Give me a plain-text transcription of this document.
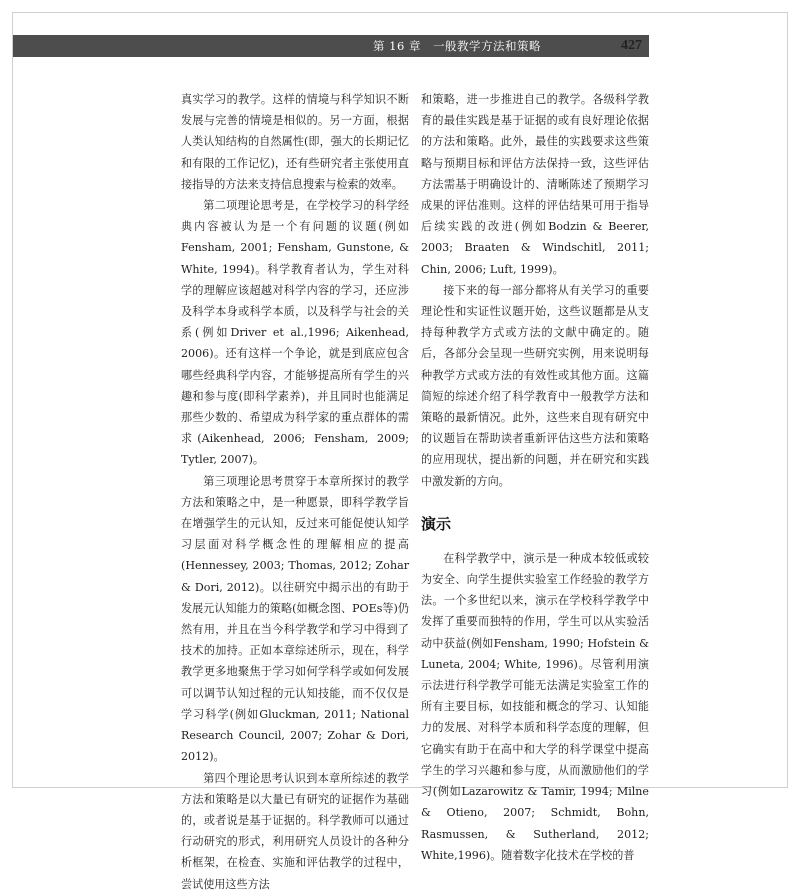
第 16 章　一般教学方法和策略	427

真实学习的教学。这样的情境与科学知识不断发展与完善的情境是相似的。另一方面，根据人类认知结构的自然属性(即，强大的长期记忆和有限的工作记忆)，还有些研究者主张使用直接指导的方法来支持信息搜索与检索的效率。

第二项理论思考是，在学校学习的科学经典内容被认为是一个有问题的议题(例如Fensham, 2001; Fensham, Gunstone, & White, 1994)。科学教育者认为，学生对科学的理解应该超越对科学内容的学习，还应涉及科学本身或科学本质，以及科学与社会的关系(例如Driver et al.,1996; Aikenhead, 2006)。还有这样一个争论，就是到底应包含哪些经典科学内容，才能够提高所有学生的兴趣和参与度(即科学素养)，并且同时也能满足那些少数的、希望成为科学家的重点群体的需求(Aikenhead, 2006; Fensham, 2009; Tytler, 2007)。

第三项理论思考贯穿于本章所探讨的教学方法和策略之中，是一种愿景，即科学教学旨在增强学生的元认知，反过来可能促使认知学习层面对科学概念性的理解相应的提高(Hennessey, 2003; Thomas, 2012; Zohar & Dori, 2012)。以往研究中揭示出的有助于发展元认知能力的策略(如概念图、POEs等)仍然有用，并且在当今科学教学和学习中得到了技术的加持。正如本章综述所示，现在，科学教学更多地聚焦于学习如何学科学或如何发展可以调节认知过程的元认知技能，而不仅仅是学习科学(例如Gluckman, 2011; National Research Council, 2007; Zohar & Dori, 2012)。

第四个理论思考认识到本章所综述的教学方法和策略是以大量已有研究的证据作为基础的，或者说是基于证据的。科学教师可以通过行动研究的形式，利用研究人员设计的各种分析框架，在检查、实施和评估教学的过程中，尝试使用这些方法

和策略，进一步推进自己的教学。各级科学教育的最佳实践是基于证据的或有良好理论依据的方法和策略。此外，最佳的实践要求这些策略与预期目标和评估方法保持一致，这些评估方法需基于明确设计的、清晰陈述了预期学习成果的评估准则。这样的评估结果可用于指导后续实践的改进(例如Bodzin & Beerer, 2003; Braaten & Windschitl, 2011; Chin, 2006; Luft, 1999)。

接下来的每一部分都将从有关学习的重要理论性和实证性议题开始，这些议题都是从支持每种教学方式或方法的文献中确定的。随后，各部分会呈现一些研究实例，用来说明每种教学方式或方法的有效性或其他方面。这篇简短的综述介绍了科学教育中一般教学方法和策略的最新情况。此外，这些来自现有研究中的议题旨在帮助读者重新评估这些方法和策略的应用现状，提出新的问题，并在研究和实践中激发新的方向。

演示

在科学教学中，演示是一种成本较低或较为安全、向学生提供实验室工作经验的教学方法。一个多世纪以来，演示在学校科学教学中发挥了重要而独特的作用，学生可以从实验活动中获益(例如Fensham, 1990; Hofstein & Luneta, 2004; White, 1996)。尽管利用演示法进行科学教学可能无法满足实验室工作的所有主要目标，如技能和概念的学习、认知能力的发展、对科学本质和科学态度的理解，但它确实有助于在高中和大学的科学课堂中提高学生的学习兴趣和参与度，从而激励他们的学习(例如Lazarowitz & Tamir, 1994; Milne & Otieno, 2007; Schmidt, Bohn, Rasmussen, & Sutherland, 2012; White,1996)。随着数字化技术在学校的普
